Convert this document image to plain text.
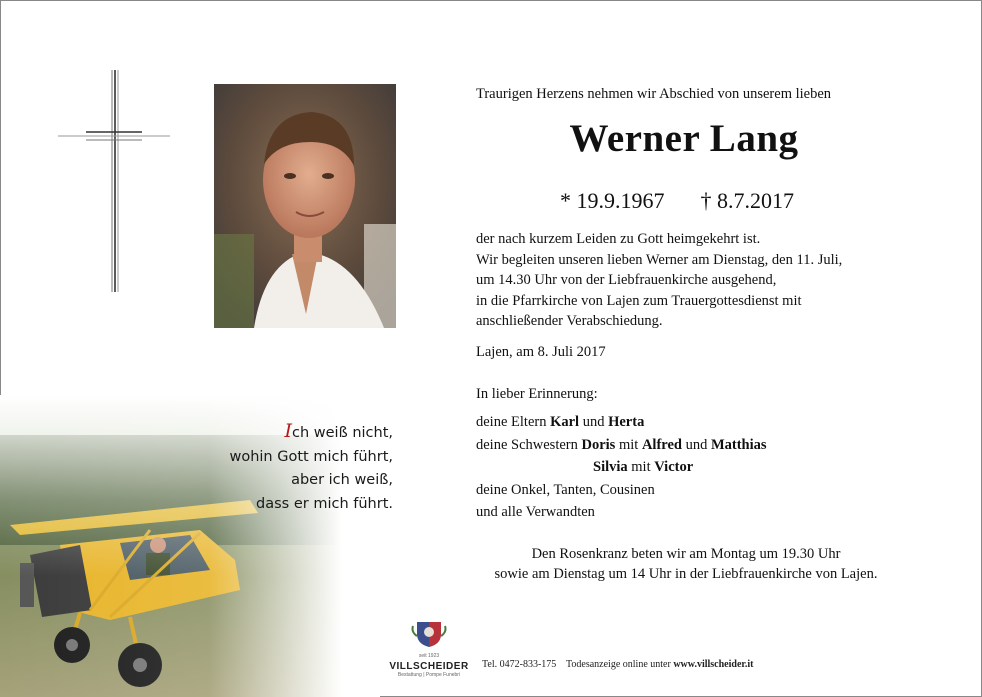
Ich weiß nicht,
wohin Gott mich führt,
aber ich weiß,
dass er mich führt.
Traurigen Herzens nehmen wir Abschied von unserem lieben
Werner Lang
* 19.9.1967 † 8.7.2017
der nach kurzem Leiden zu Gott heimgekehrt ist.
Wir begleiten unseren lieben Werner am Dienstag, den 11. Juli,
um 14.30 Uhr von der Liebfrauenkirche ausgehend,
in die Pfarrkirche von Lajen zum Trauergottesdienst mit
anschließender Verabschiedung.
Lajen, am 8. Juli 2017
In lieber Erinnerung:
deine Eltern Karl und Herta
deine Schwestern Doris mit Alfred und Matthias
Silvia mit Victor
deine Onkel, Tanten, Cousinen
und alle Verwandten
Den Rosenkranz beten wir am Montag um 19.30 Uhr
sowie am Dienstag um 14 Uhr in der Liebfrauenkirche von Lajen.
seit 1923
VILLSCHEIDER
Bestattung | Pompe Funebri
Tel. 0472-833-175 Todesanzeige online unter www.villscheider.it
